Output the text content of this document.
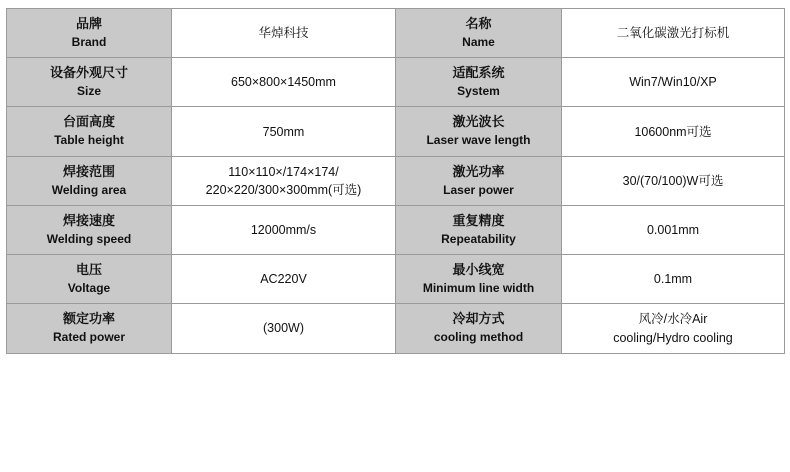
品牌
Brand	华焯科技	名称
Name	二氧化碳激光打标机

设备外观尺寸
Size	650×800×1450mm	适配系统
System	Win7/Win10/XP

台面高度
Table height	750mm	激光波长
Laser wave length	10600nm可选

焊接范围
Welding area	110×110×/174×174/
220×220/300×300mm(可选)	激光功率
Laser power	30/(70/100)W可选

焊接速度
Welding speed	12000mm/s	重复精度
Repeatability	0.001mm

电压
Voltage	AC220V	最小线宽
Minimum line width	0.1mm

额定功率
Rated power	(300W)	冷却方式
cooling method	风冷/水冷Air
cooling/Hydro cooling
